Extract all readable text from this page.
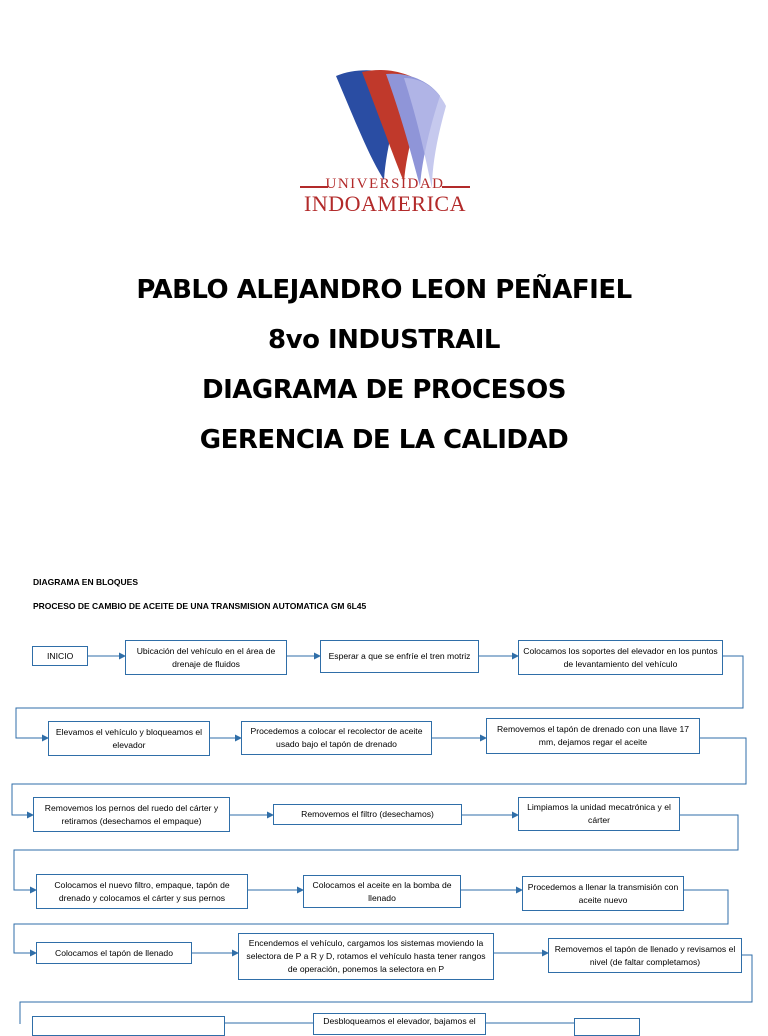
UNIVERSIDAD
INDOAMERICA
PABLO ALEJANDRO LEON PEÑAFIEL
8vo INDUSTRAIL
DIAGRAMA DE PROCESOS
GERENCIA DE LA CALIDAD
DIAGRAMA EN BLOQUES
PROCESO DE CAMBIO DE ACEITE DE UNA TRANSMISION AUTOMATICA GM 6L45
INICIO	Ubicación del vehículo en el área de drenaje de fluidos
Esperar a que se enfríe el tren motriz
Colocamos los soportes del elevador en los puntos de levantamiento del vehículo
Elevamos el vehículo y bloqueamos el elevador
Procedemos a colocar el recolector de aceite usado bajo el tapón de drenado
Removemos el tapón de drenado con una llave 17 mm, dejamos regar el aceite
Removemos los pernos del ruedo del cárter y retiramos (desechamos el empaque)
Removemos el filtro (desechamos)
Limpiamos la unidad mecatrónica y el cárter
Colocamos el nuevo filtro, empaque, tapón de drenado y colocamos el cárter y sus pernos
Colocamos el aceite en la bomba de llenado
Procedemos a llenar la transmisión con aceite nuevo
Colocamos el tapón de llenado
Encendemos el vehículo, cargamos los sistemas moviendo la selectora de P a R y D, rotamos el vehículo hasta tener rangos de operación, ponemos la selectora en P
Removemos el tapón de llenado y revisamos el nivel (de faltar completamos)
Desbloqueamos el elevador, bajamos el
